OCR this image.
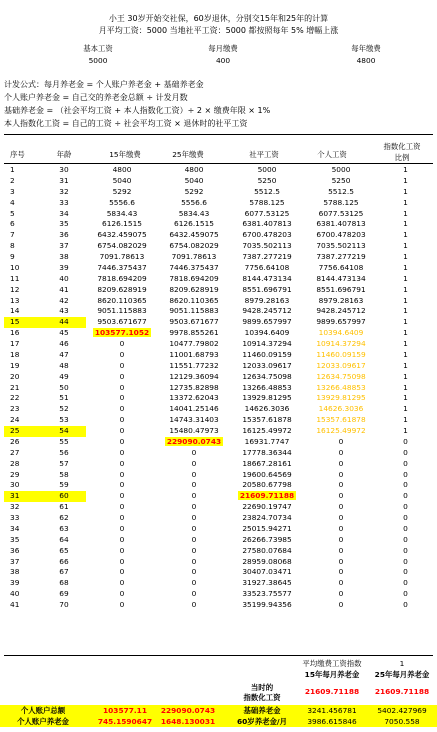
小王 30岁开始交社保，60岁退休，分别交15年和25年的计算
月平均工资：5000 当地社平工资：5000 都按照每年 5% 增幅上涨
基本工资
5000
每月缴费
400
每年缴费
4800
计发公式：每月养老金 = 个人账户养老金 + 基础养老金
个人账户养老金 = 自己交的养老金总额 ÷ 计发月数
基础养老金 = （社会平均工资 + 本人指数化工资）÷ 2 × 缴费年限 × 1%
本人指数化工资 = 自己的工资 ÷ 社会平均工资 × 退休时的社平工资
序号	年龄	15年缴费	25年缴费	社平工资	个人工资
指数化工资
比例
1	30	4800	4800	5000	5000	1
2	31	5040	5040	5250	5250	1
3	32	5292	5292	5512.5	5512.5	1
4	33	5556.6	5556.6	5788.125	5788.125	1
5	34	5834.43	5834.43	6077.53125	6077.53125	1
6	35	6126.1515	6126.1515	6381.407813	6381.407813	1
7	36	6432.459075	6432.459075	6700.478203	6700.478203	1
8	37	6754.082029	6754.082029	7035.502113	7035.502113	1
9	38	7091.78613	7091.78613	7387.277219	7387.277219	1
10	39	7446.375437	7446.375437	7756.64108	7756.64108	1
11	40	7818.694209	7818.694209	8144.473134	8144.473134	1
12	41	8209.628919	8209.628919	8551.696791	8551.696791	1
13	42	8620.110365	8620.110365	8979.28163	8979.28163	1
14	43	9051.115883	9051.115883	9428.245712	9428.245712	1
15	44	9503.671677	9503.671677	9899.657997	9899.657997	1
16	45	103577.1052	9978.855261	10394.6409	10394.6409	1
17	46	0	10477.79802	10914.37294	10914.37294	1
18	47	0	11001.68793	11460.09159	11460.09159	1
19	48	0	11551.77232	12033.09617	12033.09617	1
20	49	0	12129.36094	12634.75098	12634.75098	1
21	50	0	12735.82898	13266.48853	13266.48853	1
22	51	0	13372.62043	13929.81295	13929.81295	1
23	52	0	14041.25146	14626.3036	14626.3036	1
24	53	0	14743.31403	15357.61878	15357.61878	1
25	54	0	15480.47973	16125.49972	16125.49972	1
26	55	0	229090.0743	16931.7747	0	0
27	56	0	0	17778.36344	0	0
28	57	0	0	18667.28161	0	0
29	58	0	0	19600.64569	0	0
30	59	0	0	20580.67798	0	0
31	60	0	0	21609.71188	0	0
32	61	0	0	22690.19747	0	0
33	62	0	0	23824.70734	0	0
34	63	0	0	25015.94271	0	0
35	64	0	0	26266.73985	0	0
36	65	0	0	27580.07684	0	0
37	66	0	0	28959.08068	0	0
38	67	0	0	30407.03471	0	0
39	68	0	0	31927.38645	0	0
40	69	0	0	33523.75577	0	0
41	70	0	0	35199.94356	0	0
平均缴费工资指数	1
15年每月养老金	25年每月养老金
当时的
指数化工资
21609.71188	21609.71188
个人账户总额	103577.11	229090.0743	基础养老金	3241.456781	5402.427969
个人账户养老金	745.1590647	1648.130031	60岁养老金/月	3986.615846	7050.558
